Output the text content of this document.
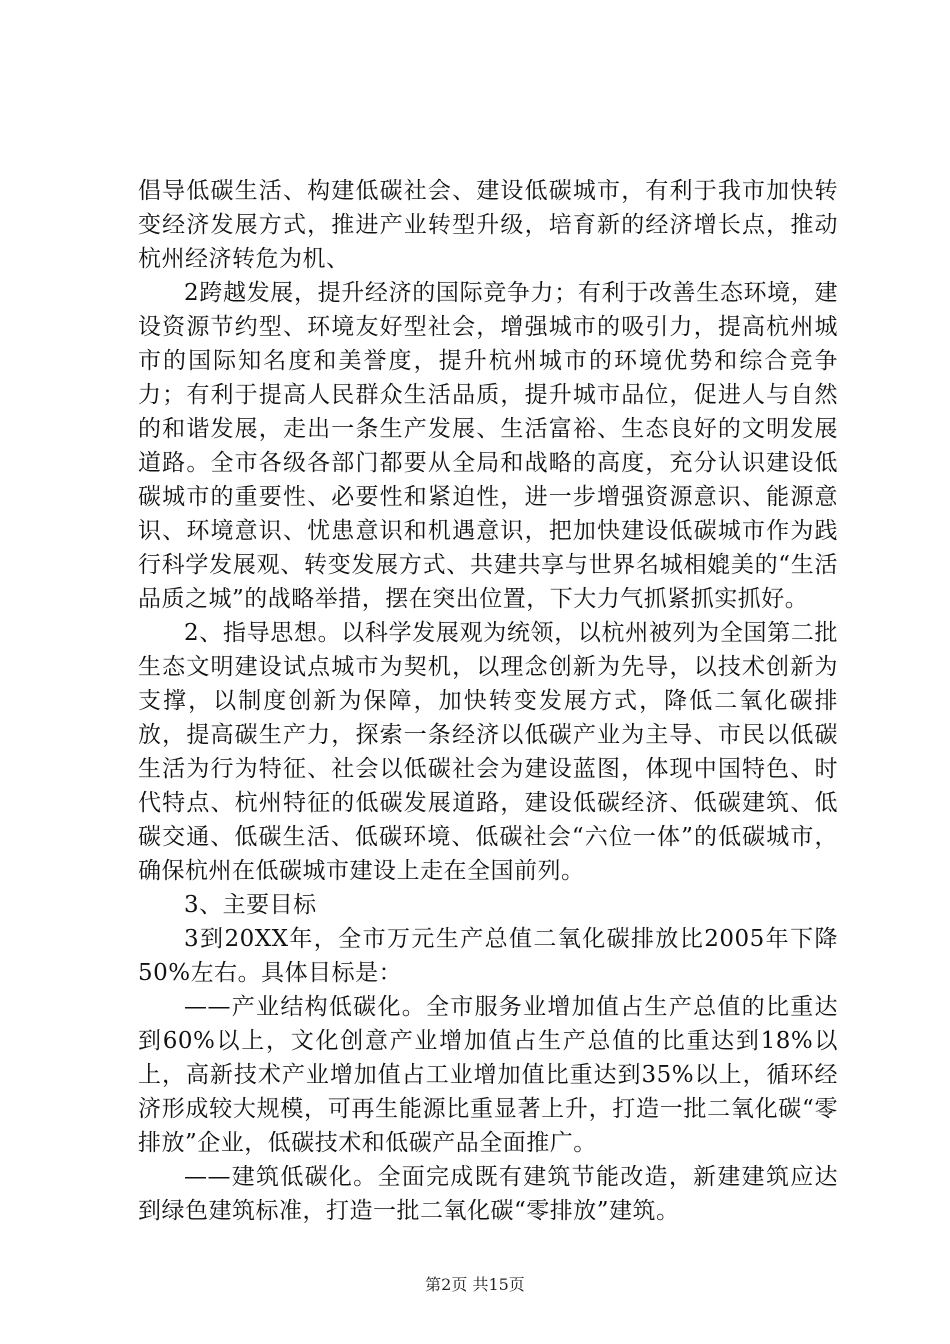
倡导低碳生活、构建低碳社会、建设低碳城市，有利于我市加快转变经济发展方式，推进产业转型升级，培育新的经济增长点，推动杭州经济转危为机、

2跨越发展，提升经济的国际竞争力；有利于改善生态环境，建设资源节约型、环境友好型社会，增强城市的吸引力，提高杭州城市的国际知名度和美誉度，提升杭州城市的环境优势和综合竞争力；有利于提高人民群众生活品质，提升城市品位，促进人与自然的和谐发展，走出一条生产发展、生活富裕、生态良好的文明发展道路。全市各级各部门都要从全局和战略的高度，充分认识建设低碳城市的重要性、必要性和紧迫性，进一步增强资源意识、能源意识、环境意识、忧患意识和机遇意识，把加快建设低碳城市作为践行科学发展观、转变发展方式、共建共享与世界名城相媲美的“生活品质之城”的战略举措，摆在突出位置，下大力气抓紧抓实抓好。

2、指导思想。以科学发展观为统领，以杭州被列为全国第二批生态文明建设试点城市为契机，以理念创新为先导，以技术创新为支撑，以制度创新为保障，加快转变发展方式，降低二氧化碳排放，提高碳生产力，探索一条经济以低碳产业为主导、市民以低碳生活为行为特征、社会以低碳社会为建设蓝图，体现中国特色、时代特点、杭州特征的低碳发展道路，建设低碳经济、低碳建筑、低碳交通、低碳生活、低碳环境、低碳社会“六位一体”的低碳城市，确保杭州在低碳城市建设上走在全国前列。

3、主要目标

3到20XX年，全市万元生产总值二氧化碳排放比2005年下降50%左右。具体目标是：

——产业结构低碳化。全市服务业增加值占生产总值的比重达到60%以上，文化创意产业增加值占生产总值的比重达到18%以上，高新技术产业增加值占工业增加值比重达到35%以上，循环经济形成较大规模，可再生能源比重显著上升，打造一批二氧化碳“零排放”企业，低碳技术和低碳产品全面推广。

——建筑低碳化。全面完成既有建筑节能改造，新建建筑应达到绿色建筑标准，打造一批二氧化碳“零排放”建筑。

第2页 共15页
